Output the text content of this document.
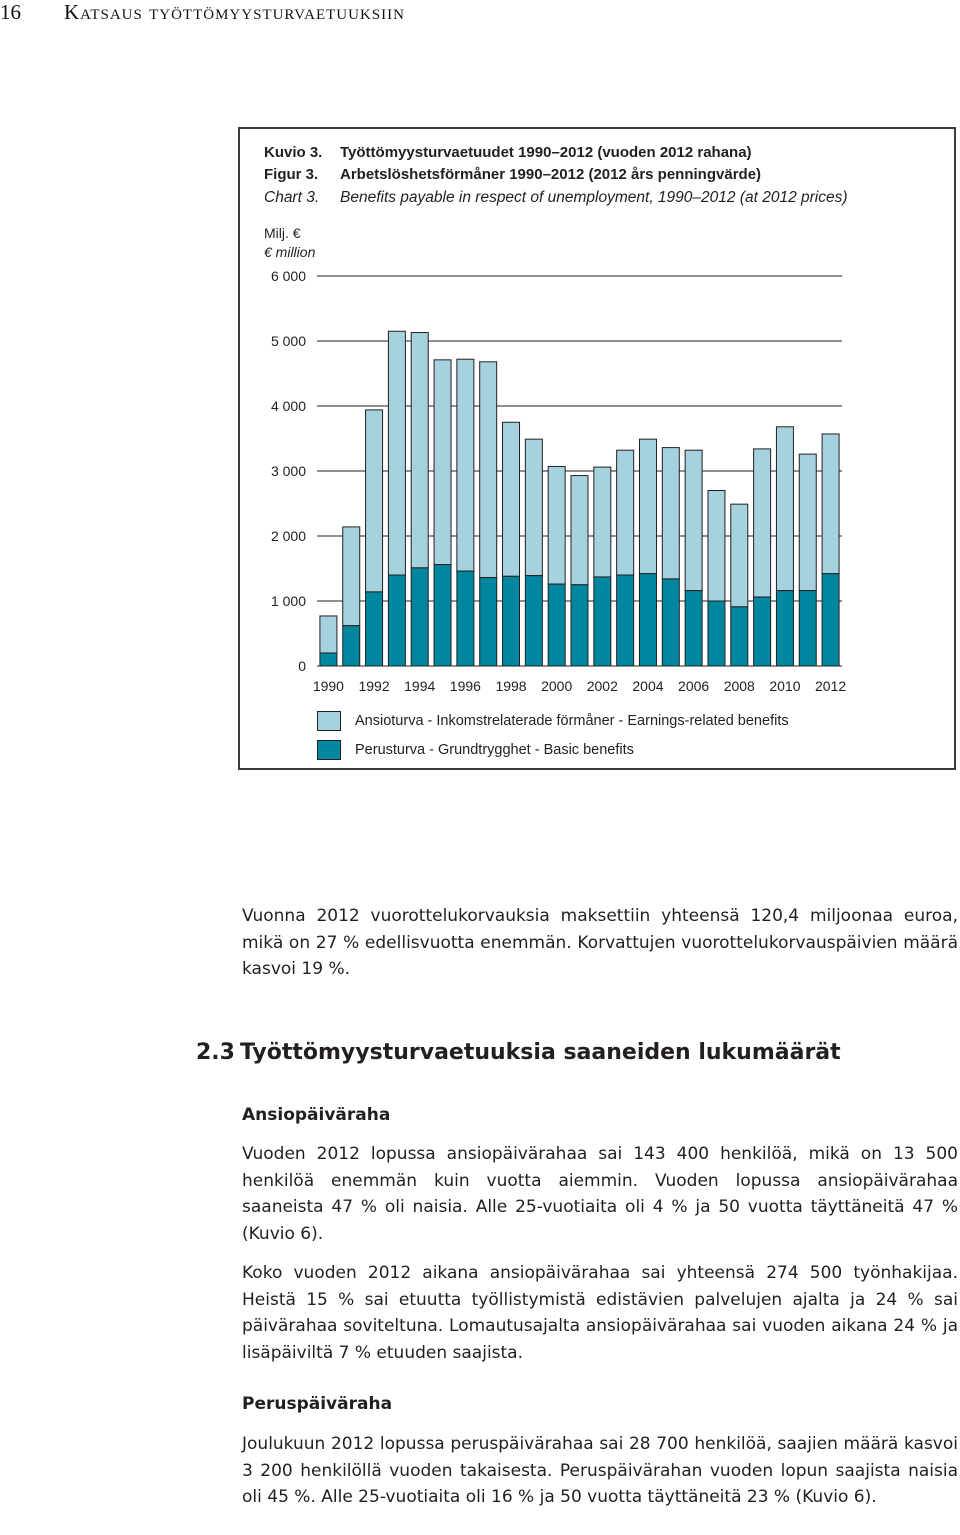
16	Katsaus työttömyysturvaetuuksiin
Kuvio 3. Työttömyysturvaetuudet 1990–2012 (vuoden 2012 rahana)
Figur 3. Arbetslöshetsförmåner 1990–2012 (2012 års penningvärde)
Chart 3. Benefits payable in respect of unemployment, 1990–2012 (at 2012 prices)
Milj. €
€ million
0
1 000
2 000
3 000
4 000
5 000
6 000
1990 1992 1994 1996 1998 2000 2002 2004 2006 2008 2010 2012
Ansioturva - Inkomstrelaterade förmåner - Earnings-related benefits
Perusturva - Grundtrygghet - Basic benefits

Vuonna 2012 vuorottelukorvauksia maksettiin yhteensä 120,4 miljoonaa euroa, mikä on 27 % edellisvuotta enemmän. Korvattujen vuorottelukorvauspäivien määrä kasvoi 19 %.

2.3 Työttömyysturvaetuuksia saaneiden lukumäärät
Ansiopäiväraha

Vuoden 2012 lopussa ansiopäivärahaa sai 143 400 henkilöä, mikä on 13 500 henkilöä enemmän kuin vuotta aiemmin. Vuoden lopussa ansiopäivärahaa saaneista 47 % oli naisia. Alle 25-vuotiaita oli 4 % ja 50 vuotta täyttäneitä 47 % (Kuvio 6).

Koko vuoden 2012 aikana ansiopäivärahaa sai yhteensä 274 500 työnhakijaa. Heistä 15 % sai etuutta työllistymistä edistävien palvelujen ajalta ja 24 % sai päivärahaa soviteltuna. Lomautusajalta ansiopäivärahaa sai vuoden aikana 24 % ja lisäpäiviltä 7 % etuuden saajista.

Peruspäiväraha

Joulukuun 2012 lopussa peruspäivärahaa sai 28 700 henkilöä, saajien määrä kasvoi 3 200 henkilöllä vuoden takaisesta. Peruspäivärahan vuoden lopun saajista naisia oli 45 %. Alle 25-vuotiaita oli 16 % ja 50 vuotta täyttäneitä 23 % (Kuvio 6).
